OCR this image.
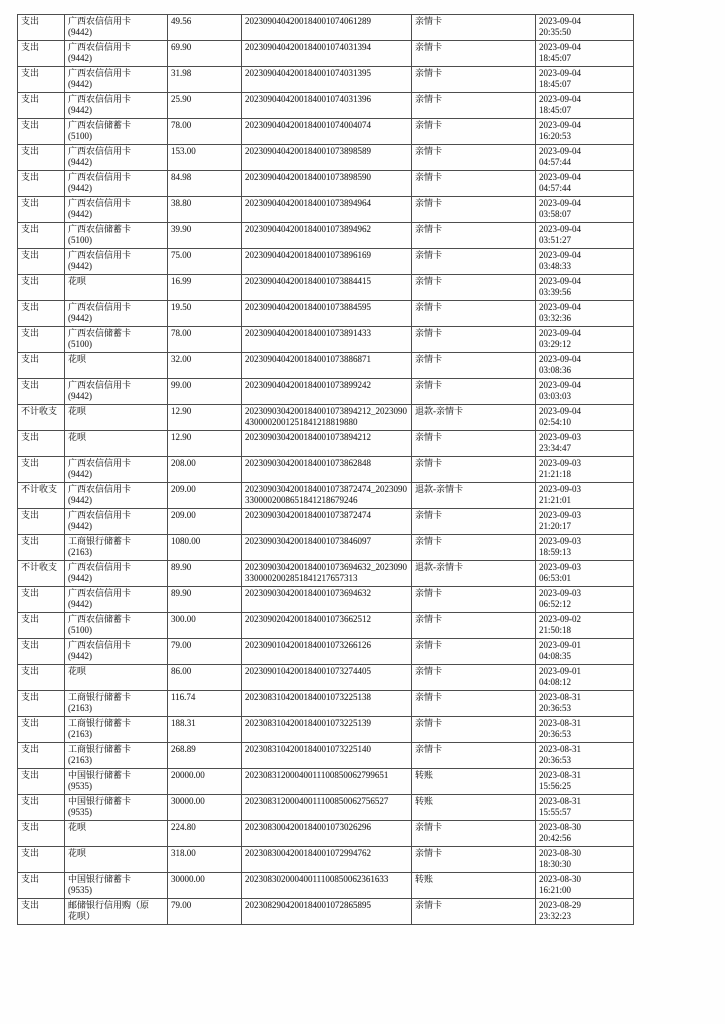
支出	广西农信信用卡
(9442)	49.56	2023090404200184001074061289	亲情卡	2023-09-04
20:35:50

支出	广西农信信用卡
(9442)	69.90	2023090404200184001074031394	亲情卡	2023-09-04
18:45:07

支出	广西农信信用卡
(9442)	31.98	2023090404200184001074031395	亲情卡	2023-09-04
18:45:07

支出	广西农信信用卡
(9442)	25.90	2023090404200184001074031396	亲情卡	2023-09-04
18:45:07

支出	广西农信储蓄卡
(5100)	78.00	2023090404200184001074004074	亲情卡	2023-09-04
16:20:53

支出	广西农信信用卡
(9442)	153.00	2023090404200184001073898589	亲情卡	2023-09-04
04:57:44

支出	广西农信信用卡
(9442)	84.98	2023090404200184001073898590	亲情卡	2023-09-04
04:57:44

支出	广西农信信用卡
(9442)	38.80	2023090404200184001073894964	亲情卡	2023-09-04
03:58:07

支出	广西农信储蓄卡
(5100)	39.90	2023090404200184001073894962	亲情卡	2023-09-04
03:51:27

支出	广西农信信用卡
(9442)	75.00	2023090404200184001073896169	亲情卡	2023-09-04
03:48:33

支出	花呗	16.99	2023090404200184001073884415	亲情卡	2023-09-04
03:39:56

支出	广西农信信用卡
(9442)	19.50	2023090404200184001073884595	亲情卡	2023-09-04
03:32:36

支出	广西农信储蓄卡
(5100)	78.00	2023090404200184001073891433	亲情卡	2023-09-04
03:29:12

支出	花呗	32.00	2023090404200184001073886871	亲情卡	2023-09-04
03:08:36

支出	广西农信信用卡
(9442)	99.00	2023090404200184001073899242	亲情卡	2023-09-04
03:03:03

不计收支	花呗	12.90	2023090304200184001073894212_20230904300002001251841218819880	退款-亲情卡	2023-09-04
02:54:10

支出	花呗	12.90	2023090304200184001073894212	亲情卡	2023-09-03
23:34:47

支出	广西农信信用卡
(9442)	208.00	2023090304200184001073862848	亲情卡	2023-09-03
21:21:18

不计收支	广西农信信用卡
(9442)	209.00	2023090304200184001073872474_20230903300002008651841218679246	退款-亲情卡	2023-09-03
21:21:01

支出	广西农信信用卡
(9442)	209.00	2023090304200184001073872474	亲情卡	2023-09-03
21:20:17

支出	工商银行储蓄卡
(2163)	1080.00	2023090304200184001073846097	亲情卡	2023-09-03
18:59:13

不计收支	广西农信信用卡
(9442)	89.90	2023090304200184001073694632_20230903300002002851841217657313	退款-亲情卡	2023-09-03
06:53:01

支出	广西农信信用卡
(9442)	89.90	2023090304200184001073694632	亲情卡	2023-09-03
06:52:12

支出	广西农信储蓄卡
(5100)	300.00	2023090204200184001073662512	亲情卡	2023-09-02
21:50:18

支出	广西农信信用卡
(9442)	79.00	2023090104200184001073266126	亲情卡	2023-09-01
04:08:35

支出	花呗	86.00	2023090104200184001073274405	亲情卡	2023-09-01
04:08:12

支出	工商银行储蓄卡
(2163)	116.74	2023083104200184001073225138	亲情卡	2023-08-31
20:36:53

支出	工商银行储蓄卡
(2163)	188.31	2023083104200184001073225139	亲情卡	2023-08-31
20:36:53

支出	工商银行储蓄卡
(2163)	268.89	2023083104200184001073225140	亲情卡	2023-08-31
20:36:53

支出	中国银行储蓄卡
(9535)	20000.00	20230831200040011100850062799651	转账	2023-08-31
15:56:25

支出	中国银行储蓄卡
(9535)	30000.00	20230831200040011100850062756527	转账	2023-08-31
15:55:57

支出	花呗	224.80	2023083004200184001073026296	亲情卡	2023-08-30
20:42:56

支出	花呗	318.00	2023083004200184001072994762	亲情卡	2023-08-30
18:30:30

支出	中国银行储蓄卡
(9535)	30000.00	20230830200040011100850062361633	转账	2023-08-30
16:21:00

支出	邮储银行信用购（原
花呗）	79.00	2023082904200184001072865895	亲情卡	2023-08-29
23:32:23
